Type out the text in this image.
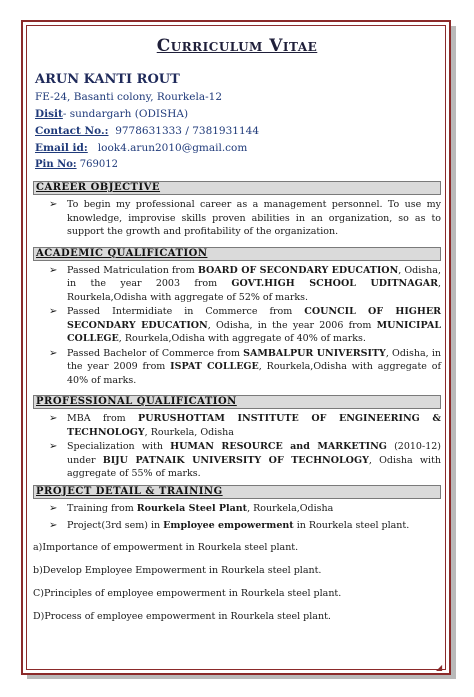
Curriculum Vitae
ARUN KANTI ROUT
FE-24, Basanti colony, Rourkela-12
Disit- sundargarh (ODISHA)
Contact No.: 9778631333 / 7381931144
Email id: look4.arun2010@gmail.com
Pin No: 769012
CAREER OBJECTIVE
➢ To begin my professional career as a management personnel. To use my knowledge, improvise skills proven abilities in an organization, so as to support the growth and profitability of the organization.
ACADEMIC QUALIFICATION
➢ Passed Matriculation from BOARD OF SECONDARY EDUCATION, Odisha, in the year 2003 from GOVT.HIGH SCHOOL UDITNAGAR, Rourkela,Odisha with aggregate of 52% of marks.
➢ Passed Intermidiate in Commerce from COUNCIL OF HIGHER SECONDARY EDUCATION, Odisha, in the year 2006 from MUNICIPAL COLLEGE, Rourkela,Odisha with aggregate of 40% of marks.
➢ Passed Bachelor of Commerce from SAMBALPUR UNIVERSITY, Odisha, in the year 2009 from ISPAT COLLEGE, Rourkela,Odisha with aggregate of 40% of marks.
PROFESSIONAL QUALIFICATION
➢ MBA from PURUSHOTTAM INSTITUTE OF ENGINEERING & TECHNOLOGY, Rourkela, Odisha
➢ Specialization with HUMAN RESOURCE and MARKETING (2010-12) under BIJU PATNAIK UNIVERSITY OF TECHNOLOGY, Odisha with aggregate of 55% of marks.
PROJECT DETAIL & TRAINING
➢ Training from Rourkela Steel Plant, Rourkela,Odisha
➢ Project(3rd sem) in Employee empowerment in Rourkela steel plant.
a)Importance of empowerment in Rourkela steel plant.
b)Develop Employee Empowerment in Rourkela steel plant.
C)Principles of employee empowerment in Rourkela steel plant.
D)Process of employee empowerment in Rourkela steel plant.
◢
